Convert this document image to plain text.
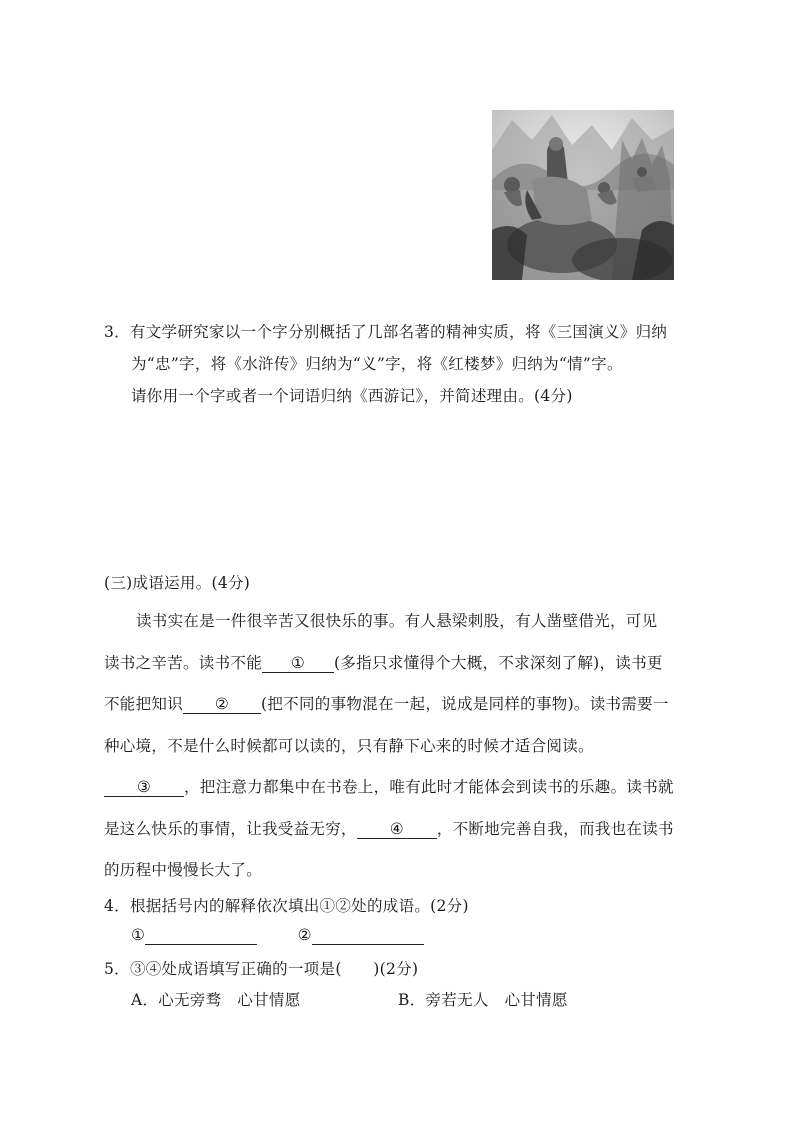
3．有文学研究家以一个字分别概括了几部名著的精神实质，将《三国演义》归纳
为“忠”字，将《水浒传》归纳为“义”字，将《红楼梦》归纳为“情”字。
请你用一个字或者一个词语归纳《西游记》，并简述理由。(4分)
(三)成语运用。(4分)
读书实在是一件很辛苦又很快乐的事。有人悬梁刺股，有人凿壁借光，可见
读书之辛苦。读书不能 ① (多指只求懂得个大概，不求深刻了解)，读书更
不能把知识 ② (把不同的事物混在一起，说成是同样的事物)。读书需要一
种心境，不是什么时候都可以读的，只有静下心来的时候才适合阅读。
③ ，把注意力都集中在书卷上，唯有此时才能体会到读书的乐趣。读书就
是这么快乐的事情，让我受益无穷， ④ ，不断地完善自我，而我也在读书
的历程中慢慢长大了。
4．根据括号内的解释依次填出①②处的成语。(2分)
①	②
5．③④处成语填写正确的一项是(　　)(2分)
A．心无旁骛　心甘情愿	B．旁若无人　心甘情愿
